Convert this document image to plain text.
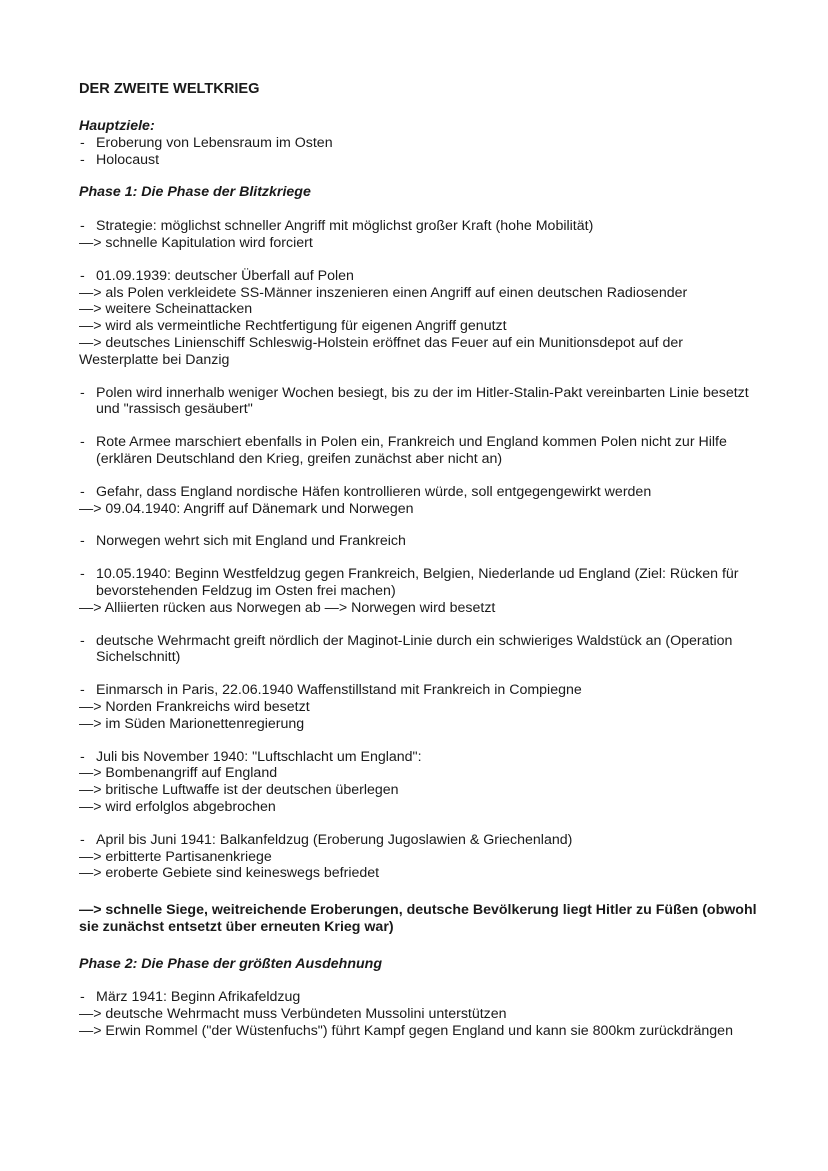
DER ZWEITE WELTKRIEG

Hauptziele:

- Eroberung von Lebensraum im Osten

- Holocaust

Phase 1: Die Phase der Blitzkriege

- Strategie: möglichst schneller Angriff mit möglichst großer Kraft (hohe Mobilität)

—> schnelle Kapitulation wird forciert

- 01.09.1939: deutscher Überfall auf Polen

—> als Polen verkleidete SS-Männer inszenieren einen Angriff auf einen deutschen Radiosender

—> weitere Scheinattacken

—> wird als vermeintliche Rechtfertigung für eigenen Angriff genutzt

—> deutsches Linienschiff Schleswig-Holstein eröffnet das Feuer auf ein Munitionsdepot auf der Westerplatte bei Danzig

- Polen wird innerhalb weniger Wochen besiegt, bis zu der im Hitler-Stalin-Pakt vereinbarten Linie besetzt und "rassisch gesäubert"

- Rote Armee marschiert ebenfalls in Polen ein, Frankreich und England kommen Polen nicht zur Hilfe (erklären Deutschland den Krieg, greifen zunächst aber nicht an)

- Gefahr, dass England nordische Häfen kontrollieren würde, soll entgegengewirkt werden

—> 09.04.1940: Angriff auf Dänemark und Norwegen

- Norwegen wehrt sich mit England und Frankreich

- 10.05.1940: Beginn Westfeldzug gegen Frankreich, Belgien, Niederlande ud England (Ziel: Rücken für bevorstehenden Feldzug im Osten frei machen)

—> Alliierten rücken aus Norwegen ab —> Norwegen wird besetzt

- deutsche Wehrmacht greift nördlich der Maginot-Linie durch ein schwieriges Waldstück an (Operation Sichelschnitt)

- Einmarsch in Paris, 22.06.1940 Waffenstillstand mit Frankreich in Compiegne

—> Norden Frankreichs wird besetzt

—> im Süden Marionettenregierung

- Juli bis November 1940: "Luftschlacht um England":

—> Bombenangriff auf England

—> britische Luftwaffe ist der deutschen überlegen

—> wird erfolglos abgebrochen

- April bis Juni 1941: Balkanfeldzug (Eroberung Jugoslawien & Griechenland)

—> erbitterte Partisanenkriege

—> eroberte Gebiete sind keineswegs befriedet

—> schnelle Siege, weitreichende Eroberungen, deutsche Bevölkerung liegt Hitler zu Füßen (obwohl sie zunächst entsetzt über erneuten Krieg war)

Phase 2: Die Phase der größten Ausdehnung

- März 1941: Beginn Afrikafeldzug

—> deutsche Wehrmacht muss Verbündeten Mussolini unterstützen

—> Erwin Rommel ("der Wüstenfuchs") führt Kampf gegen England und kann sie 800km zurückdrängen
